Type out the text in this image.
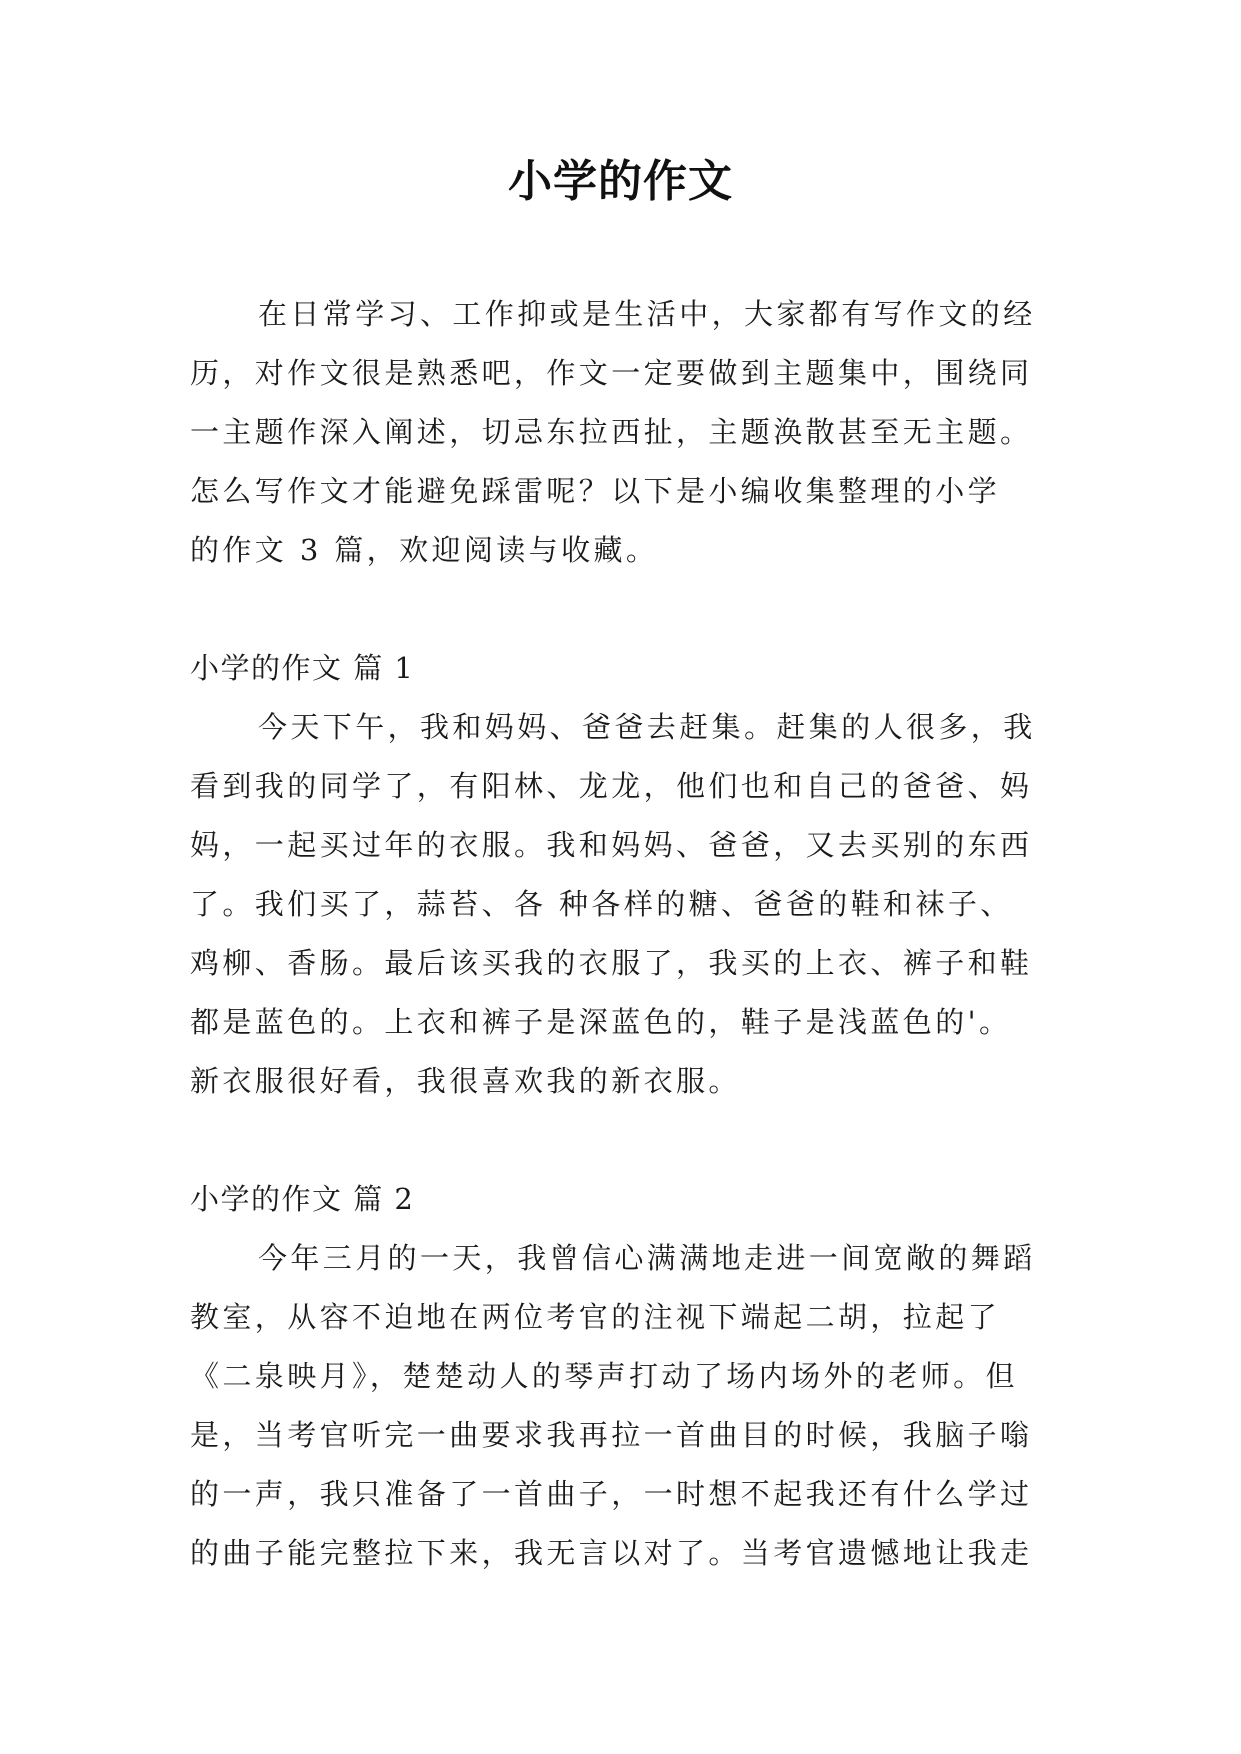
小学的作文
在日常学习、工作抑或是生活中，大家都有写作文的经
历，对作文很是熟悉吧，作文一定要做到主题集中，围绕同
一主题作深入阐述，切忌东拉西扯，主题涣散甚至无主题。
怎么写作文才能避免踩雷呢？以下是小编收集整理的小学
的作文 3 篇，欢迎阅读与收藏。
小学的作文 篇 1
今天下午，我和妈妈、爸爸去赶集。赶集的人很多，我
看到我的同学了，有阳林、龙龙，他们也和自己的爸爸、妈
妈，一起买过年的衣服。我和妈妈、爸爸，又去买别的东西
了。我们买了，蒜苔、各 种各样的糖、爸爸的鞋和袜子、
鸡柳、香肠。最后该买我的衣服了，我买的上衣、裤子和鞋
都是蓝色的。上衣和裤子是深蓝色的，鞋子是浅蓝色的'。
新衣服很好看，我很喜欢我的新衣服。
小学的作文 篇 2
今年三月的一天，我曾信心满满地走进一间宽敞的舞蹈
教室，从容不迫地在两位考官的注视下端起二胡，拉起了
《二泉映月》，楚楚动人的琴声打动了场内场外的老师。但
是，当考官听完一曲要求我再拉一首曲目的时候，我脑子嗡
的一声，我只准备了一首曲子，一时想不起我还有什么学过
的曲子能完整拉下来，我无言以对了。当考官遗憾地让我走
